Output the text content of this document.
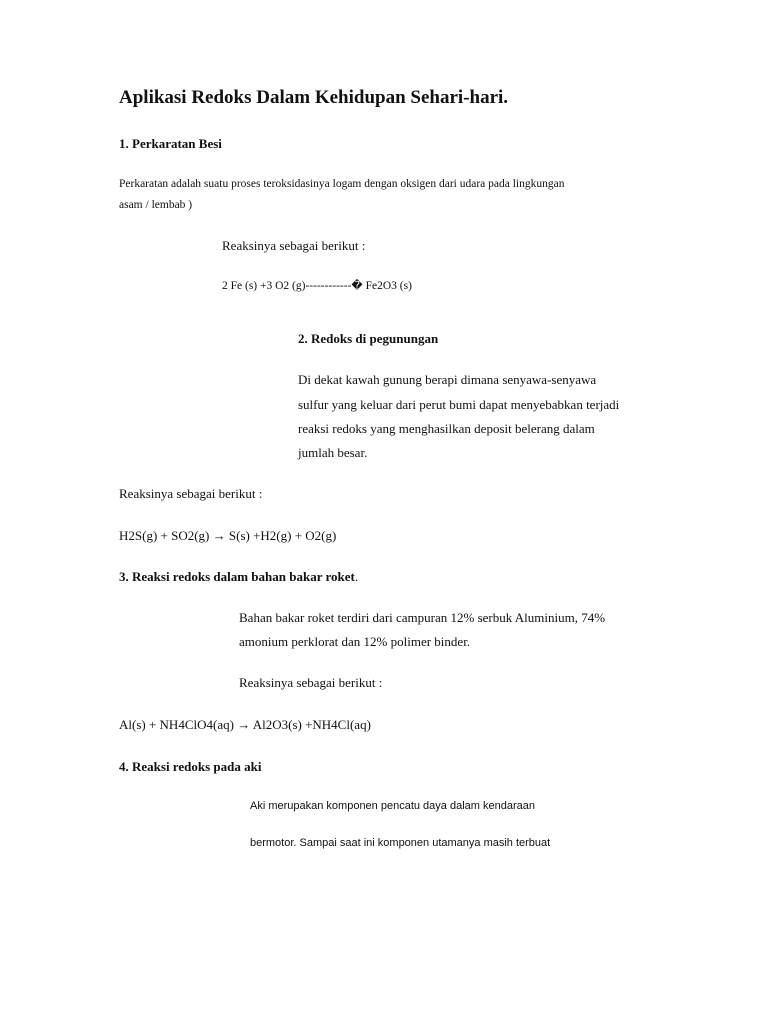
Aplikasi Redoks Dalam Kehidupan Sehari-hari.
1. Perkaratan Besi
Perkaratan adalah suatu proses teroksidasinya logam dengan oksigen dari udara pada lingkungan
asam / lembab )
Reaksinya sebagai berikut :
2 Fe (s) +3 O2 (g)------------� Fe2O3 (s)
2. Redoks di pegunungan
Di dekat kawah gunung berapi dimana senyawa-senyawa
sulfur yang keluar dari perut bumi dapat menyebabkan terjadi
reaksi redoks yang menghasilkan deposit belerang dalam
jumlah besar.
Reaksinya sebagai berikut :
H2S(g) + SO2(g) → S(s) +H2(g) + O2(g)
3. Reaksi redoks dalam bahan bakar roket.
Bahan bakar roket terdiri dari campuran 12% serbuk Aluminium, 74%
amonium perklorat dan 12% polimer binder.
Reaksinya sebagai berikut :
Al(s) + NH4ClO4(aq) → Al2O3(s) +NH4Cl(aq)
4. Reaksi redoks pada aki
Aki merupakan komponen pencatu daya dalam kendaraan
bermotor. Sampai saat ini komponen utamanya masih terbuat
